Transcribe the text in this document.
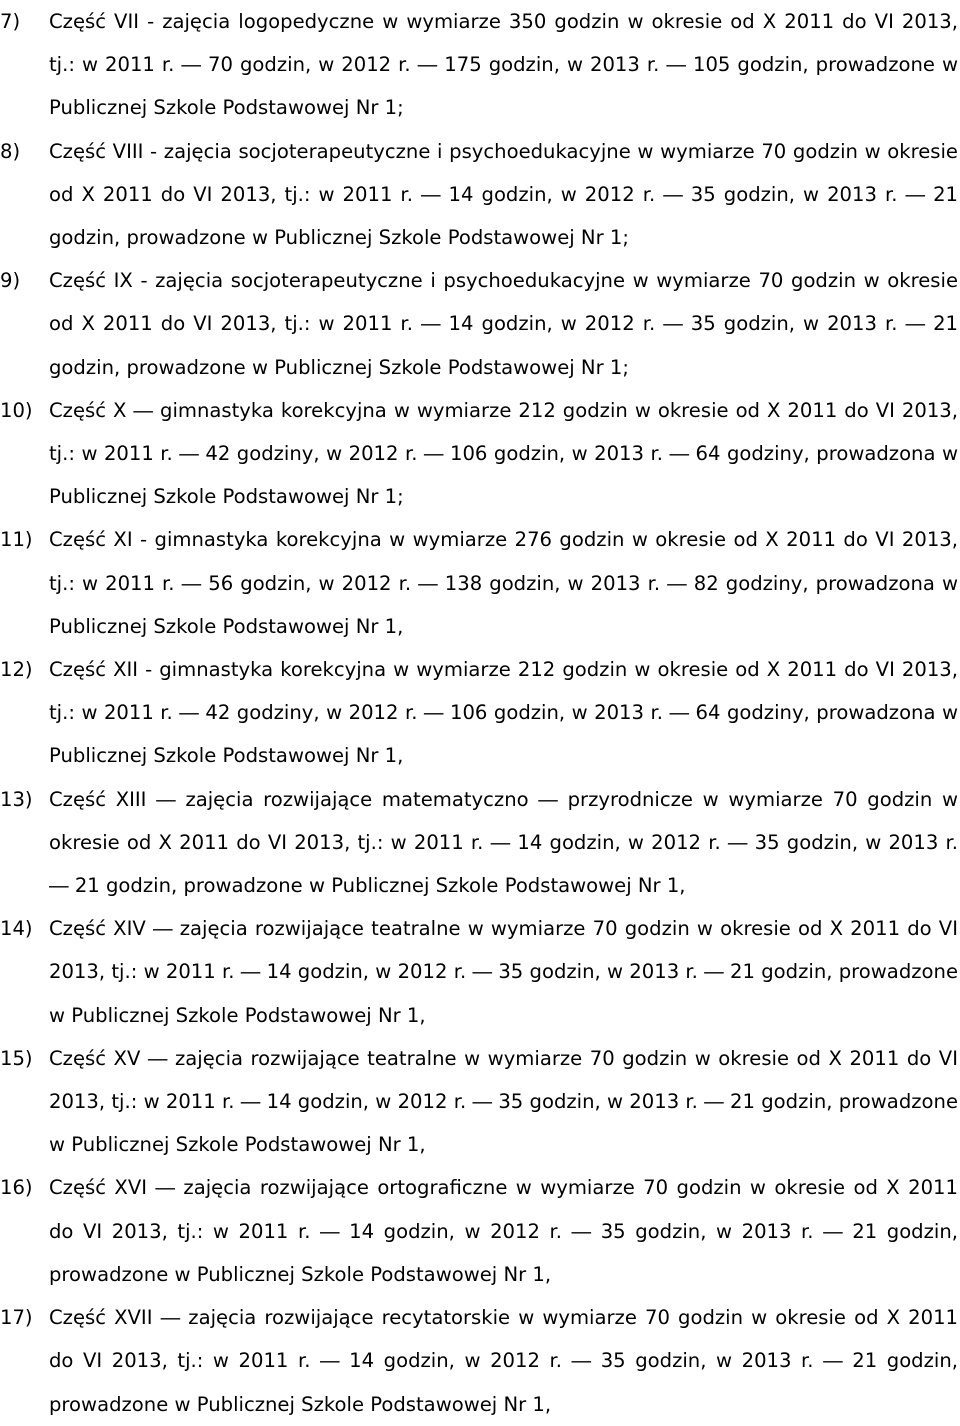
7) Część VII - zajęcia logopedyczne w wymiarze 350 godzin w okresie od X 2011 do VI 2013, tj.: w 2011 r. ― 70 godzin, w 2012 r. ― 175 godzin, w 2013 r. ― 105 godzin, prowadzone w Publicznej Szkole Podstawowej Nr 1;
8) Część VIII - zajęcia socjoterapeutyczne i psychoedukacyjne w wymiarze 70 godzin w okresie od X 2011 do VI 2013, tj.: w 2011 r. ― 14 godzin, w 2012 r. ― 35 godzin, w 2013 r. ― 21 godzin, prowadzone w Publicznej Szkole Podstawowej Nr 1;
9) Część IX - zajęcia socjoterapeutyczne i psychoedukacyjne w wymiarze 70 godzin w okresie od X 2011 do VI 2013, tj.: w 2011 r. ― 14 godzin, w 2012 r. ― 35 godzin, w 2013 r. ― 21 godzin, prowadzone w Publicznej Szkole Podstawowej Nr 1;
10) Część X ― gimnastyka korekcyjna w wymiarze 212 godzin w okresie od X 2011 do VI 2013, tj.: w 2011 r. ― 42 godziny, w 2012 r. ― 106 godzin, w 2013 r. ― 64 godziny, prowadzona w Publicznej Szkole Podstawowej Nr 1;
11) Część XI - gimnastyka korekcyjna w wymiarze 276 godzin w okresie od X 2011 do VI 2013, tj.: w 2011 r. ― 56 godzin, w 2012 r. ― 138 godzin, w 2013 r. ― 82 godziny, prowadzona w Publicznej Szkole Podstawowej Nr 1,
12) Część XII - gimnastyka korekcyjna w wymiarze 212 godzin w okresie od X 2011 do VI 2013, tj.: w 2011 r. ― 42 godziny, w 2012 r. ― 106 godzin, w 2013 r. ― 64 godziny, prowadzona w Publicznej Szkole Podstawowej Nr 1,
13) Część XIII ― zajęcia rozwijające matematyczno ― przyrodnicze w wymiarze 70 godzin w okresie od X 2011 do VI 2013, tj.: w 2011 r. ― 14 godzin, w 2012 r. ― 35 godzin, w 2013 r. ― 21 godzin, prowadzone w Publicznej Szkole Podstawowej Nr 1,
14) Część XIV ― zajęcia rozwijające teatralne w wymiarze 70 godzin w okresie od X 2011 do VI 2013, tj.: w 2011 r. ― 14 godzin, w 2012 r. ― 35 godzin, w 2013 r. ― 21 godzin, prowadzone w Publicznej Szkole Podstawowej Nr 1,
15) Część XV ― zajęcia rozwijające teatralne w wymiarze 70 godzin w okresie od X 2011 do VI 2013, tj.: w 2011 r. ― 14 godzin, w 2012 r. ― 35 godzin, w 2013 r. ― 21 godzin, prowadzone w Publicznej Szkole Podstawowej Nr 1,
16) Część XVI ― zajęcia rozwijające ortograficzne w wymiarze 70 godzin w okresie od X 2011 do VI 2013, tj.: w 2011 r. ― 14 godzin, w 2012 r. ― 35 godzin, w 2013 r. ― 21 godzin, prowadzone w Publicznej Szkole Podstawowej Nr 1,
17) Część XVII ― zajęcia rozwijające recytatorskie w wymiarze 70 godzin w okresie od X 2011 do VI 2013, tj.: w 2011 r. ― 14 godzin, w 2012 r. ― 35 godzin, w 2013 r. ― 21 godzin, prowadzone w Publicznej Szkole Podstawowej Nr 1,
